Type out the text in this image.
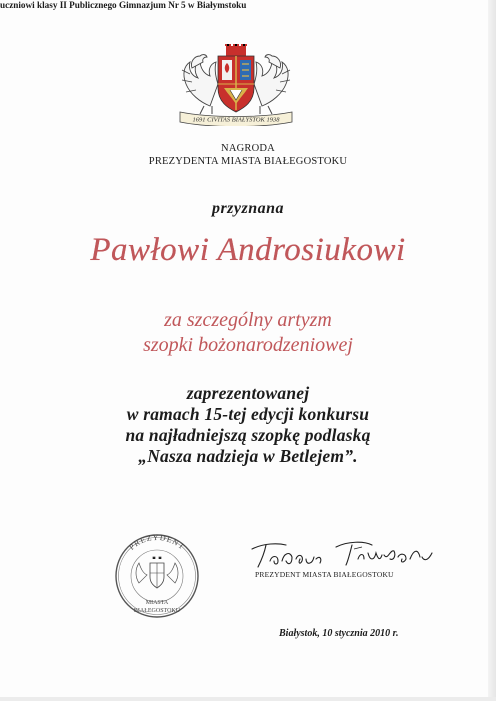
1691 CIVITAS BIAŁYSTOK 1938
NAGRODA
PREZYDENTA MIASTA BIAŁEGOSTOKU
przyznana
Pawłowi Androsiukowi
uczniowi klasy II Publicznego Gimnazjum Nr 5 w Białymstoku
za szczególny artyzm
szopki bożonarodzeniowej
zaprezentowanej
w ramach 15-tej edycji konkursu
na najładniejszą szopkę podlaską
„Nasza nadzieja w Betlejem”.
PREZYDENT
MIASTA
BIAŁEGOSTOKU
PREZYDENT MIASTA BIAŁEGOSTOKU
Białystok, 10 stycznia 2010 r.
